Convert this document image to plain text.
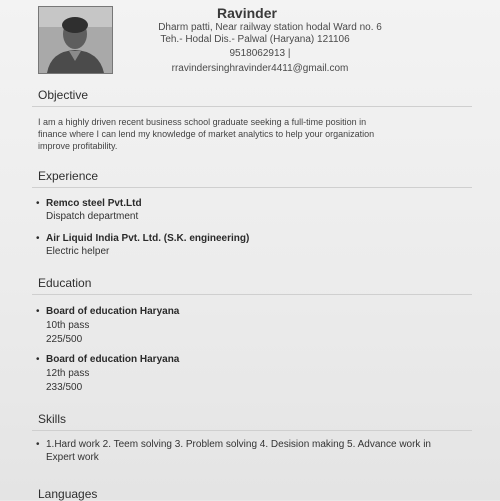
Ravinder
Dharm patti, Near railway station hodal Ward no. 6
Teh.- Hodal Dis.- Palwal (Haryana) 121106
9518062913 |
rravindersinghravinder4411@gmail.com
Objective
I am a highly driven recent business school graduate seeking a full-time position in
finance where I can lend my knowledge of market analytics to help your organization
improve profitability.
Experience
• Remco steel Pvt.Ltd
Dispatch department
• Air Liquid India Pvt. Ltd. (S.K. engineering)
Electric helper
Education
• Board of education Haryana
10th pass
225/500
• Board of education Haryana
12th pass
233/500
Skills
• 1.Hard work 2. Teem solving 3. Problem solving 4. Desision making 5. Advance work in
Expert work
Languages
